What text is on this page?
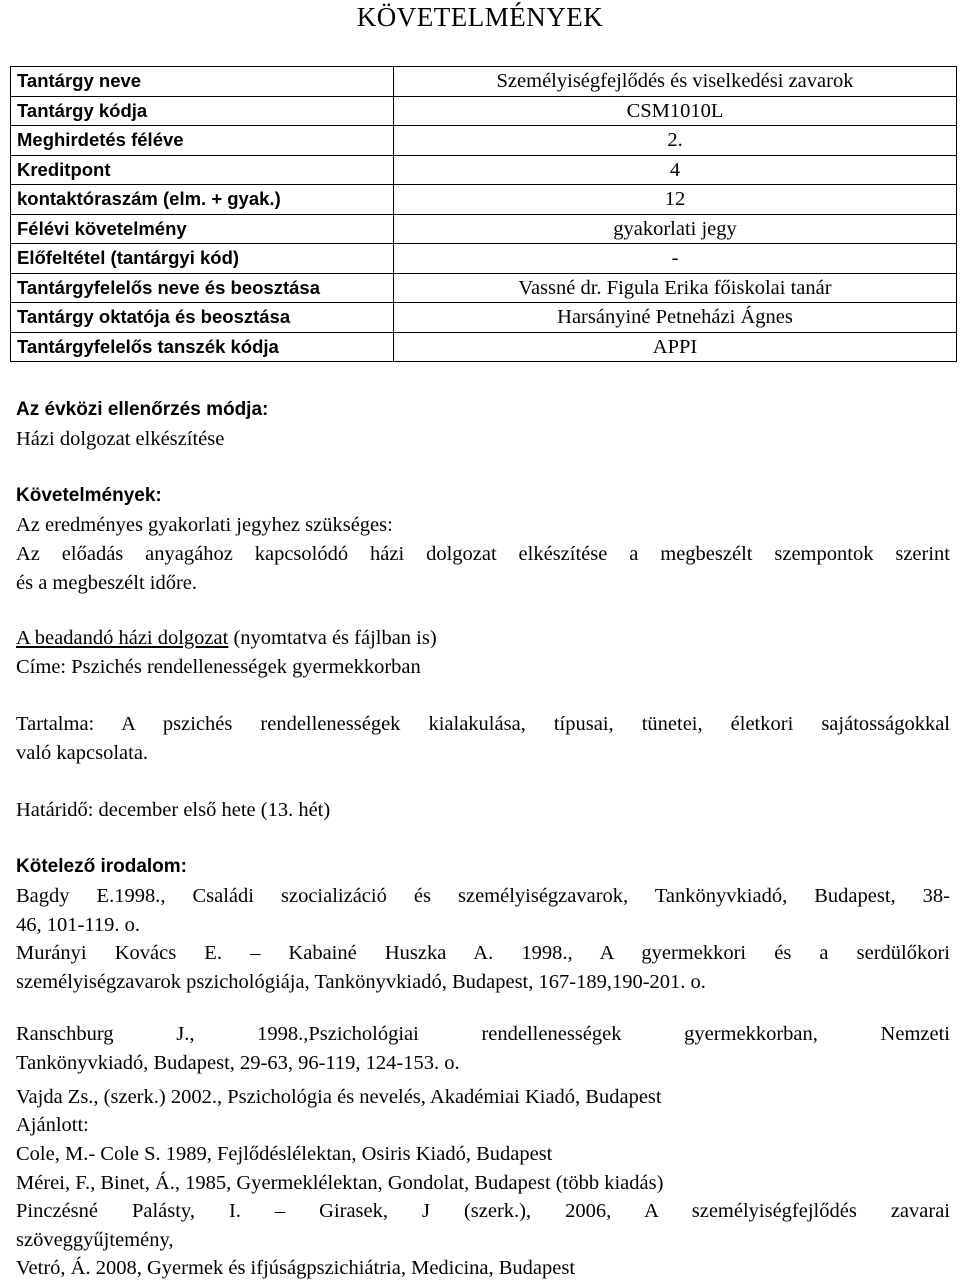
KÖVETELMÉNYEK
Tantárgy neve	Személyiségfejlődés és viselkedési zavarok
Tantárgy kódja	CSM1010L
Meghirdetés féléve	2.
Kreditpont	4
kontaktóraszám (elm. + gyak.)	12
Félévi követelmény	gyakorlati jegy
Előfeltétel (tantárgyi kód)	-
Tantárgyfelelős neve és beosztása	Vassné dr. Figula Erika főiskolai tanár
Tantárgy oktatója és beosztása	Harsányiné Petneházi Ágnes
Tantárgyfelelős tanszék kódja	APPI
Az évközi ellenőrzés módja:
Házi dolgozat elkészítése
Követelmények:
Az eredményes gyakorlati jegyhez szükséges:
Az előadás anyagához kapcsolódó házi dolgozat elkészítése a megbeszélt szempontok szerint
és a megbeszélt időre.
A beadandó házi dolgozat (nyomtatva és fájlban is)
Címe: Pszichés rendellenességek gyermekkorban
Tartalma: A pszichés rendellenességek kialakulása, típusai, tünetei, életkori sajátosságokkal
való kapcsolata.
Határidő: december első hete (13. hét)
Kötelező irodalom:
Bagdy E.1998., Családi szocializáció és személyiségzavarok, Tankönyvkiadó, Budapest, 38-
46, 101-119. o.
Murányi Kovács E. – Kabainé Huszka A. 1998., A gyermekkori és a serdülőkori
személyiségzavarok pszichológiája, Tankönyvkiadó, Budapest, 167-189,190-201. o.
Ranschburg J., 1998.,Pszichológiai rendellenességek gyermekkorban, Nemzeti
Tankönyvkiadó, Budapest, 29-63, 96-119, 124-153. o.
Vajda Zs., (szerk.) 2002., Pszichológia és nevelés, Akadémiai Kiadó, Budapest
Ajánlott:
Cole, M.- Cole S. 1989, Fejlődéslélektan, Osiris Kiadó, Budapest
Mérei, F., Binet, Á., 1985, Gyermeklélektan, Gondolat, Budapest (több kiadás)
Pinczésné Palásty, I. – Girasek, J (szerk.), 2006, A személyiségfejlődés zavarai
szöveggyűjtemény,
Vetró, Á. 2008, Gyermek és ifjúságpszichiátria, Medicina, Budapest
